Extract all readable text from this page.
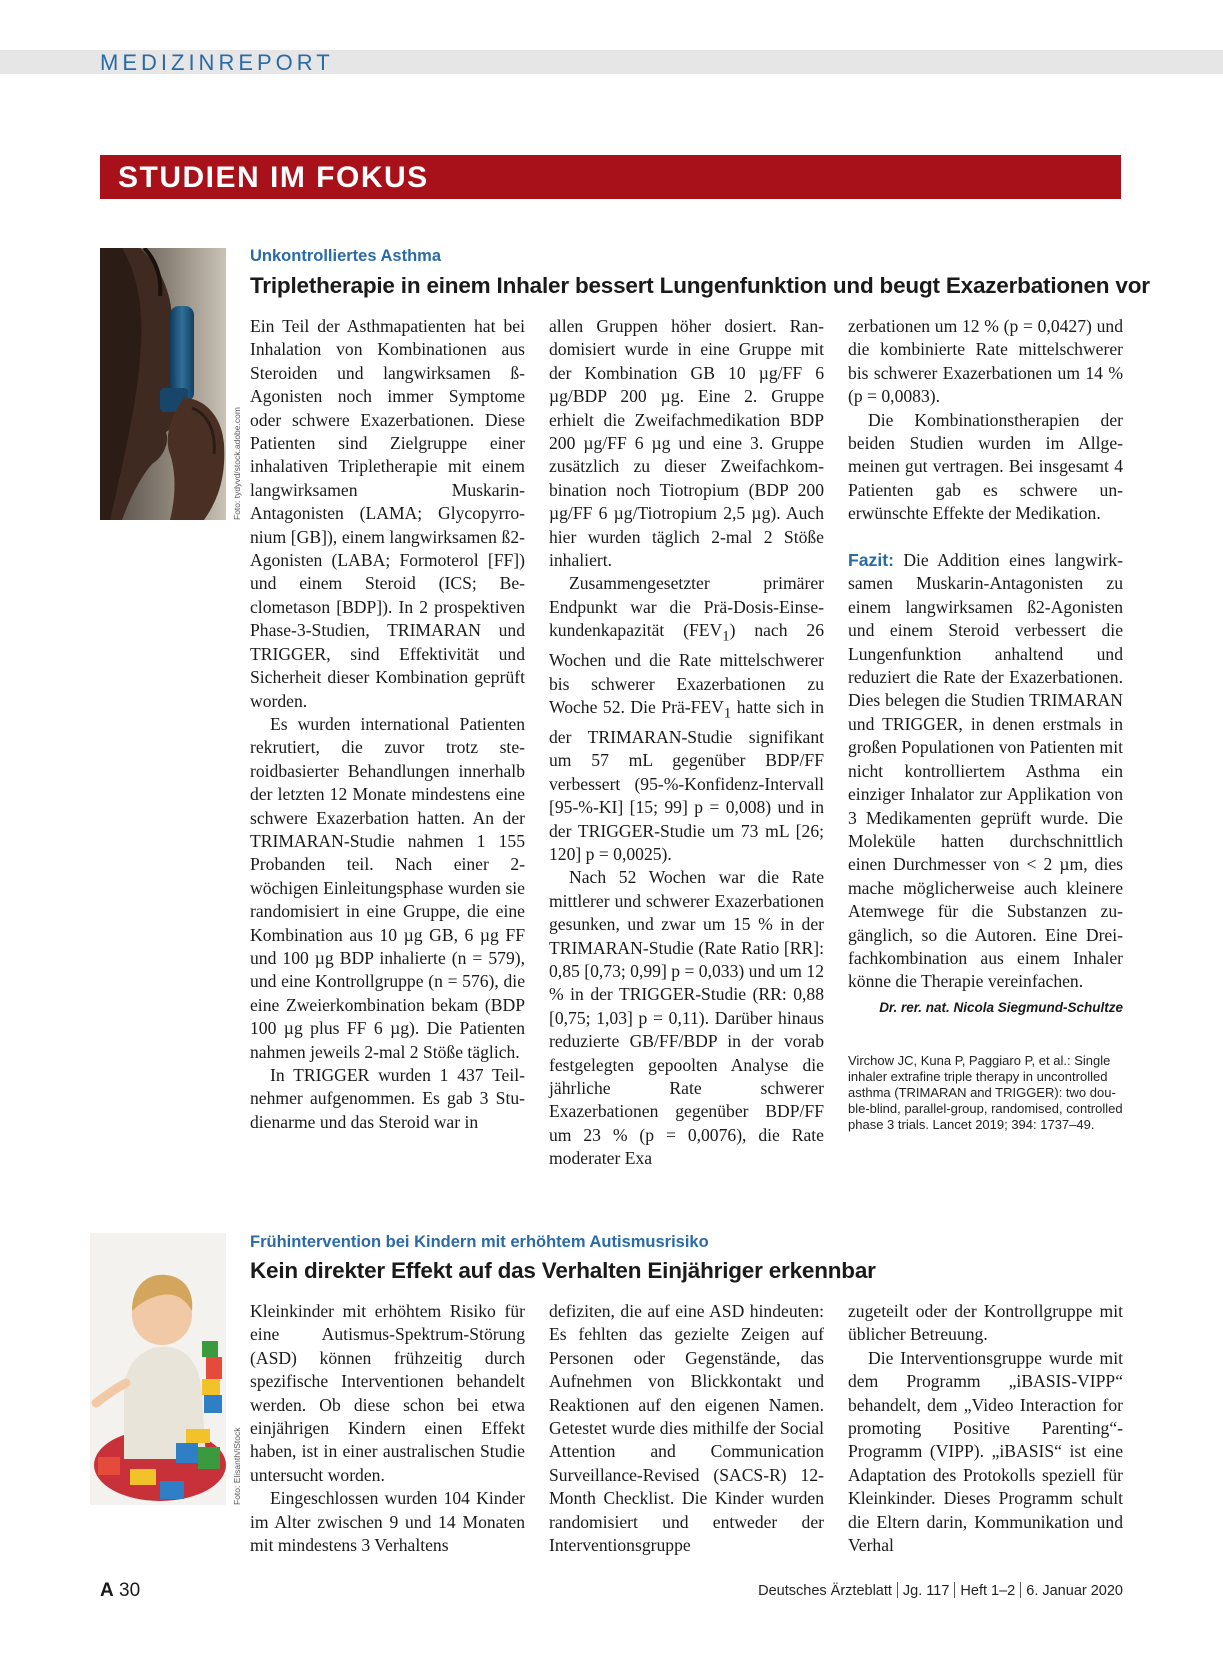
MEDIZINREPORT
STUDIEN IM FOKUS
Foto: tydyvd/stock.adobe.com
Unkontrolliertes Asthma
Tripletherapie in einem Inhaler bessert Lungenfunktion und beugt Exazerbationen vor

Ein Teil der Asthmapatienten hat bei Inhalation von Kombinationen aus Steroiden und langwirksamen ß-Agonisten noch immer Symptome oder schwere Exazerbationen. Diese Patienten sind Zielgruppe einer inhalativen Tripletherapie mit einem langwirksamen Muskarin-Antagonisten (LAMA; Glycopyrronium [GB]), einem langwirksamen ß2-Agonisten (LABA; Formoterol [FF]) und einem Steroid (ICS; Beclometason [BDP]). In 2 prospektiven Phase-3-Studien, TRIMARAN und TRIGGER, sind Effektivität und Sicherheit dieser Kombination geprüft worden.

Es wurden international Patienten rekrutiert, die zuvor trotz steroidbasierter Behandlungen innerhalb der letzten 12 Monate mindestens eine schwere Exazerbation hatten. An der TRIMARAN-Studie nahmen 1 155 Probanden teil. Nach einer 2-wöchigen Einleitungsphase wurden sie randomisiert in eine Gruppe, die eine Kombination aus 10 µg GB, 6 µg FF und 100 µg BDP inhalierte (n = 579), und eine Kontrollgruppe (n = 576), die eine Zweierkombination bekam (BDP 100 µg plus FF 6 µg). Die Patienten nahmen jeweils 2-mal 2 Stöße täglich.

In TRIGGER wurden 1 437 Teilnehmer aufgenommen. Es gab 3 Studienarme und das Steroid war in

allen Gruppen höher dosiert. Randomisiert wurde in eine Gruppe mit der Kombination GB 10 µg/FF 6 µg/BDP 200 µg. Eine 2. Gruppe erhielt die Zweifachmedikation BDP 200 µg/FF 6 µg und eine 3. Gruppe zusätzlich zu dieser Zweifachkombination noch Tiotropium (BDP 200 µg/FF 6 µg/Tiotropium 2,5 µg). Auch hier wurden täglich 2-mal 2 Stöße inhaliert.

Zusammengesetzter primärer Endpunkt war die Prä-Dosis-Einsekundenkapazität $(FEV_1)$ nach 26 Wochen und die Rate mittelschwerer bis schwerer Exazerbationen zu Woche 52. Die Prä-$FEV_1$ hatte sich in der TRIMARAN-Studie signifikant um 57 mL gegenüber BDP/FF verbessert (95-%-Konfidenz-Intervall [95-%-KI] [15; 99] p = 0,008) und in der TRIGGER-Studie um 73 mL [26; 120] p = 0,0025).

Nach 52 Wochen war die Rate mittlerer und schwerer Exazerbationen gesunken, und zwar um 15 % in der TRIMARAN-Studie (Rate Ratio [RR]: 0,85 [0,73; 0,99] p = 0,033) und um 12 % in der TRIGGER-Studie (RR: 0,88 [0,75; 1,03] p = 0,11). Darüber hinaus reduzierte GB/FF/BDP in der vorab festgelegten gepoolten Analyse die jährliche Rate schwerer Exazerbationen gegenüber BDP/FF um 23 % (p = 0,0076), die Rate moderater Exa

zerbationen um 12 % (p = 0,0427) und die kombinierte Rate mittelschwerer bis schwerer Exazerbationen um 14 % (p = 0,0083).

Die Kombinationstherapien der beiden Studien wurden im Allgemeinen gut vertragen. Bei insgesamt 4 Patienten gab es schwere unerwünschte Effekte der Medikation.

Fazit: Die Addition eines langwirksamen Muskarin-Antagonisten zu einem langwirksamen ß2-Agonisten und einem Steroid verbessert die Lungenfunktion anhaltend und reduziert die Rate der Exazerbationen. Dies belegen die Studien TRIMARAN und TRIGGER, in denen erstmals in großen Populationen von Patienten mit nicht kontrolliertem Asthma ein einziger Inhalator zur Applikation von 3 Medikamenten geprüft wurde. Die Moleküle hatten durchschnittlich einen Durchmesser von < 2 µm, dies mache möglicherweise auch kleinere Atemwege für die Substanzen zugänglich, so die Autoren. Eine Dreifachkombination aus einem Inhaler könne die Therapie vereinfachen.

Dr. rer. nat. Nicola Siegmund-Schultze
Virchow JC, Kuna P, Paggiaro P, et al.: Single inhaler extrafine triple therapy in uncontrolled asthma (TRIMARAN and TRIGGER): two double-blind, parallel-group, randomised, controlled phase 3 trials. Lancet 2019; 394: 1737–49.
Foto: Elisanth/iStock
Frühintervention bei Kindern mit erhöhtem Autismusrisiko
Kein direkter Effekt auf das Verhalten Einjähriger erkennbar

Kleinkinder mit erhöhtem Risiko für eine Autismus-Spektrum-Störung (ASD) können frühzeitig durch spezifische Interventionen behandelt werden. Ob diese schon bei etwa einjährigen Kindern einen Effekt haben, ist in einer australischen Studie untersucht worden.

Eingeschlossen wurden 104 Kinder im Alter zwischen 9 und 14 Monaten mit mindestens 3 Verhaltens

defiziten, die auf eine ASD hindeuten: Es fehlten das gezielte Zeigen auf Personen oder Gegenstände, das Aufnehmen von Blickkontakt und Reaktionen auf den eigenen Namen. Getestet wurde dies mithilfe der Social Attention and Communication Surveillance-Revised (SACS-R) 12-Month Checklist. Die Kinder wurden randomisiert und entweder der Interventionsgruppe

zugeteilt oder der Kontrollgruppe mit üblicher Betreuung.

Die Interventionsgruppe wurde mit dem Programm „iBASIS-VIPP“ behandelt, dem „Video Interaction for promoting Positive Parenting“-Programm (VIPP). „iBASIS“ ist eine Adaptation des Protokolls speziell für Kleinkinder. Dieses Programm schult die Eltern darin, Kommunikation und Verhal

A 30	Deutsches Ärzteblatt Jg. 117 Heft 1–2 6. Januar 2020
